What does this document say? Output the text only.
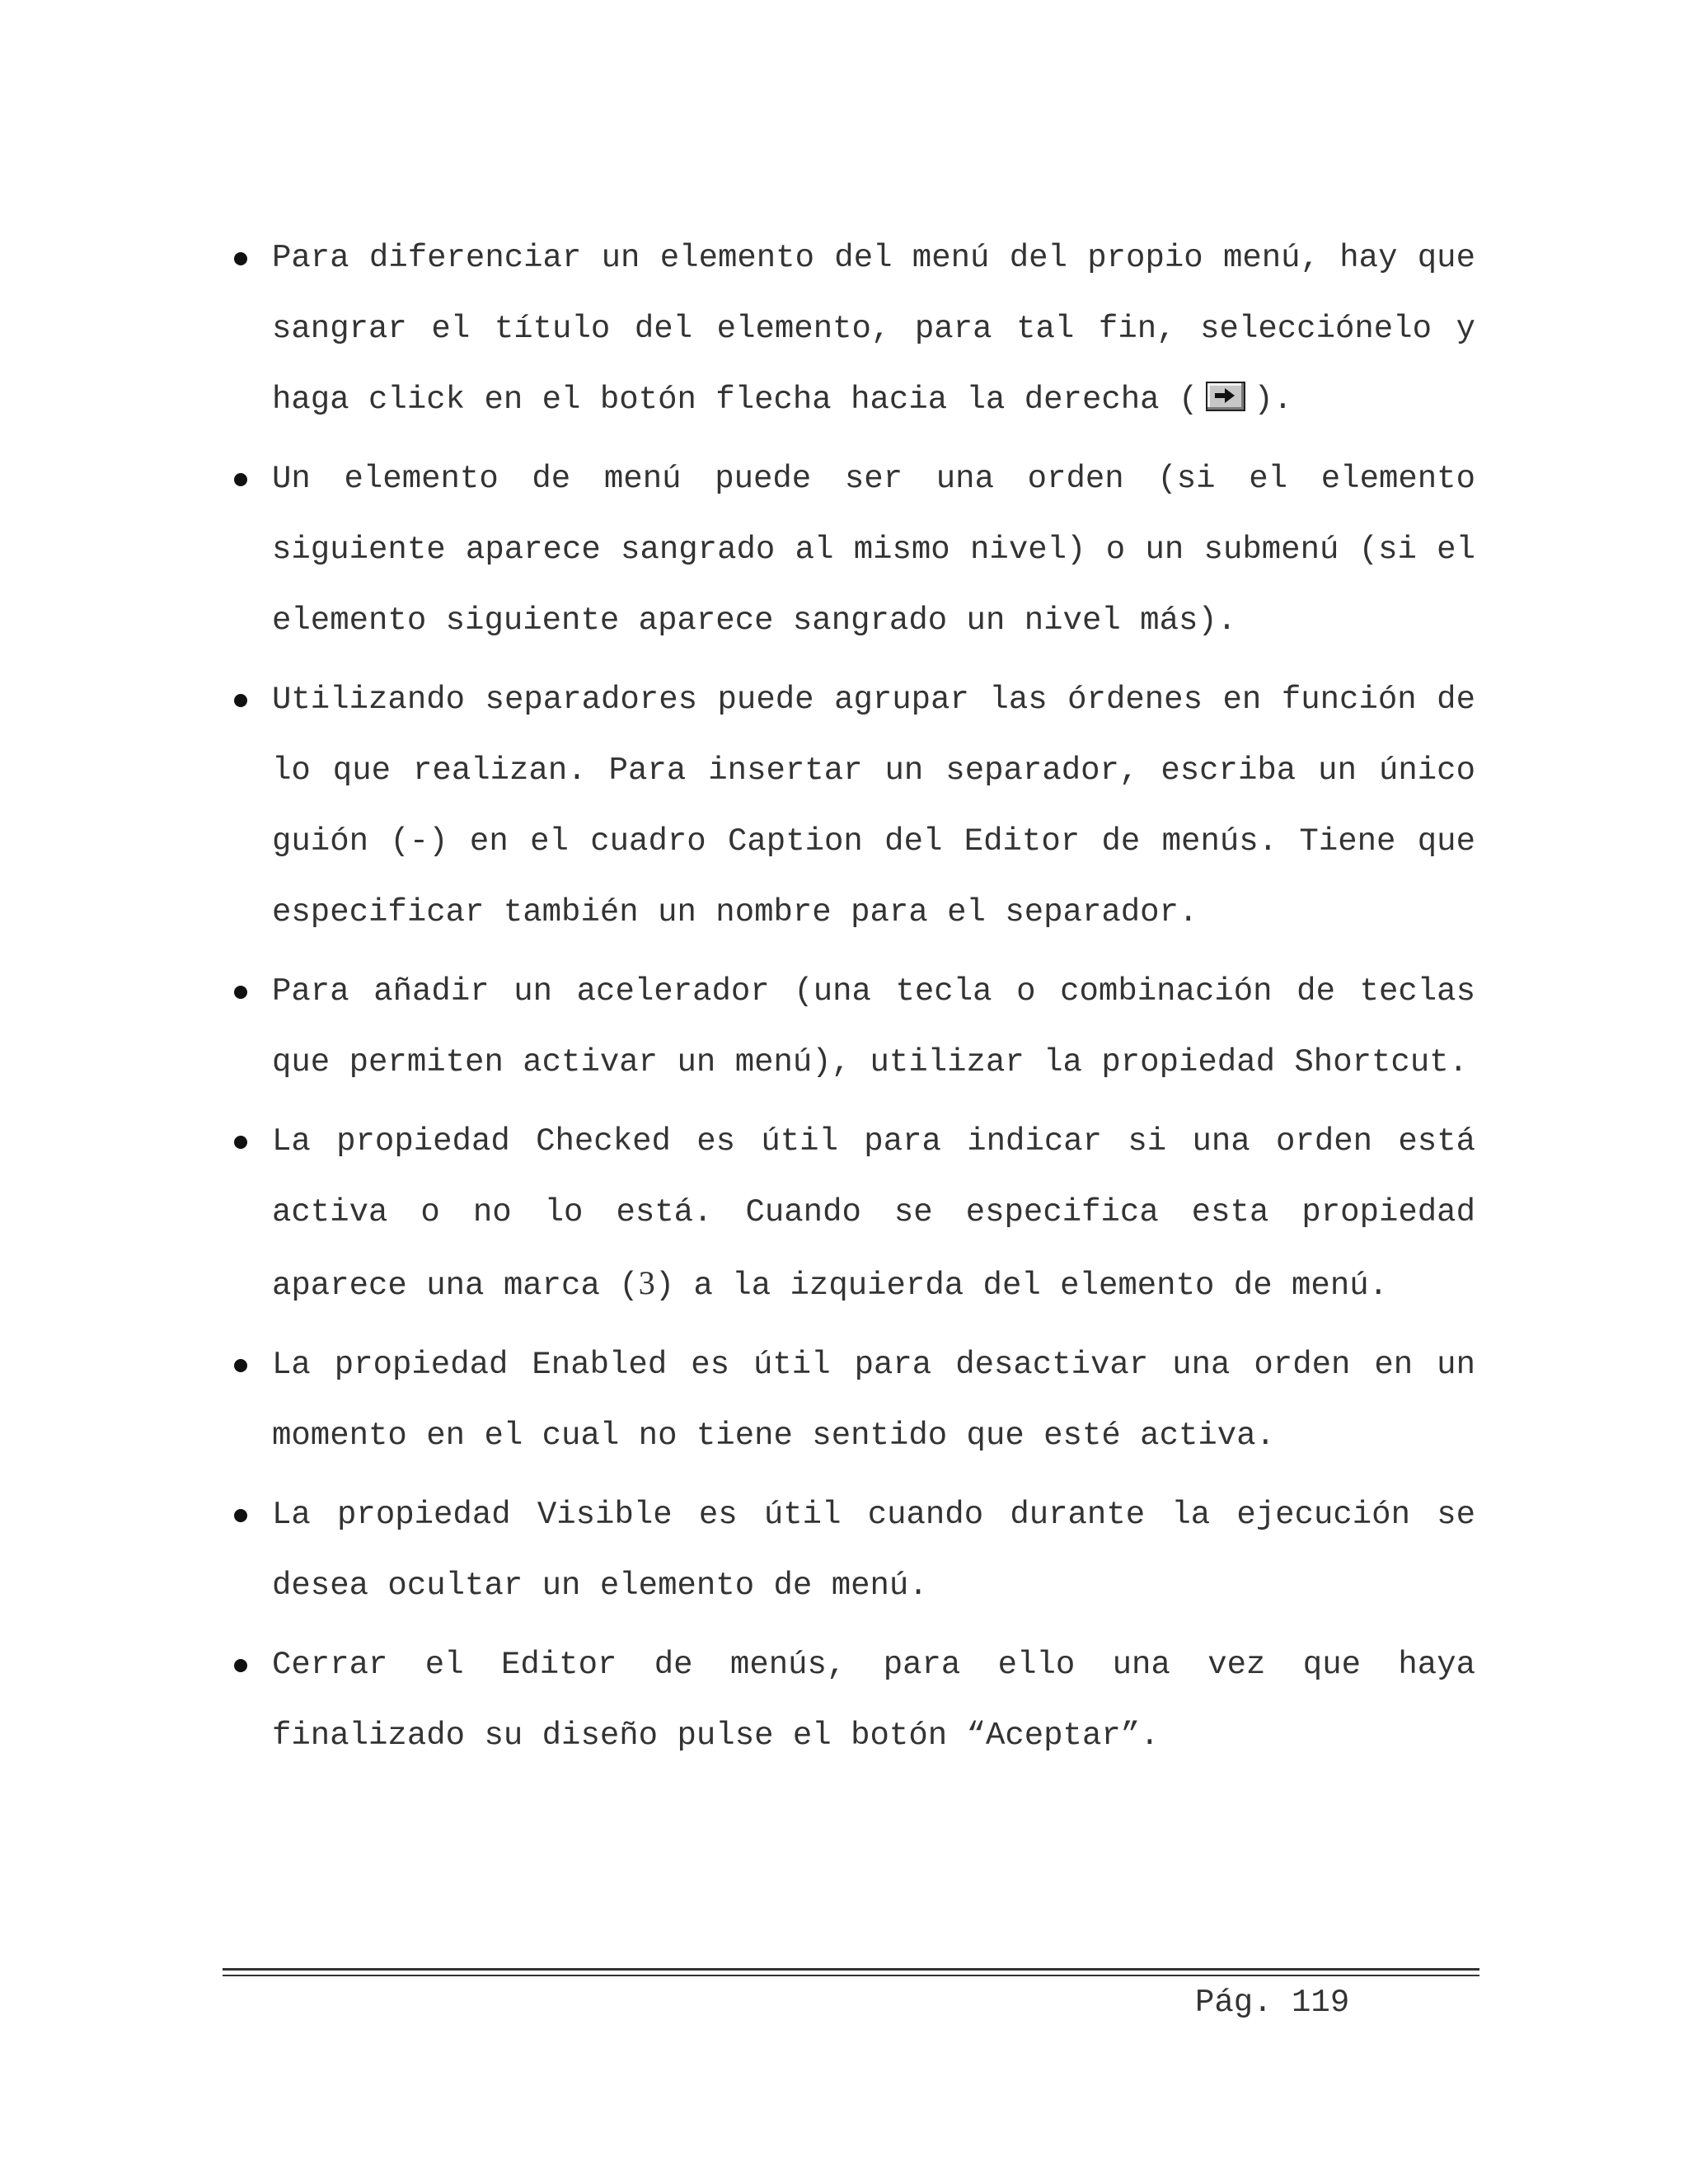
Para diferenciar un elemento del menú del propio menú, hay que sangrar el título del elemento, para tal fin, selecciónelo y haga click en el botón flecha hacia la derecha ( ).
Un elemento de menú puede ser una orden (si el elemento siguiente aparece sangrado al mismo nivel) o un submenú (si el elemento siguiente aparece sangrado un nivel más).
Utilizando separadores puede agrupar las órdenes en función de lo que realizan. Para insertar un separador, escriba un único guión (-) en el cuadro Caption del Editor de menús. Tiene que especificar también un nombre para el separador.
Para añadir un acelerador (una tecla o combinación de teclas que permiten activar un menú), utilizar la propiedad Shortcut.
La propiedad Checked es útil para indicar si una orden está activa o no lo está. Cuando se especifica esta propiedad aparece una marca (3) a la izquierda del elemento de menú.
La propiedad Enabled es útil para desactivar una orden en un momento en el cual no tiene sentido que esté activa.
La propiedad Visible es útil cuando durante la ejecución se desea ocultar un elemento de menú.
Cerrar el Editor de menús, para ello una vez que haya finalizado su diseño pulse el botón “Aceptar”.
Pág. 119
